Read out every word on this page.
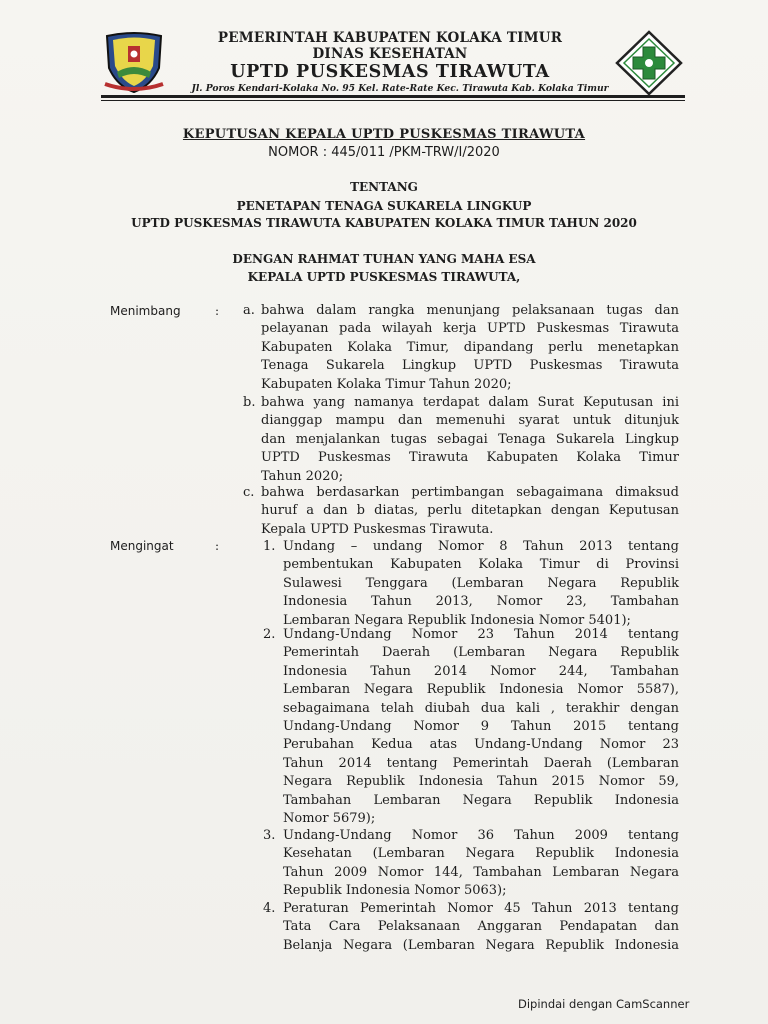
PEMERINTAH KABUPATEN KOLAKA TIMUR
DINAS KESEHATAN
UPTD PUSKESMAS TIRAWUTA
Jl. Poros Kendari-Kolaka No. 95 Kel. Rate-Rate Kec. Tirawuta Kab. Kolaka Timur
KEPUTUSAN KEPALA UPTD PUSKESMAS TIRAWUTA
NOMOR : 445/011 /PKM-TRW/I/2020
TENTANG
PENETAPAN TENAGA SUKARELA LINGKUP
UPTD PUSKESMAS TIRAWUTA KABUPATEN KOLAKA TIMUR TAHUN 2020
DENGAN RAHMAT TUHAN YANG MAHA ESA
KEPALA UPTD PUSKESMAS TIRAWUTA,
Menimbang	: a. bahwa dalam rangka menunjang pelaksanaan tugas dan
pelayanan pada wilayah kerja UPTD Puskesmas Tirawuta
Kabupaten Kolaka Timur, dipandang perlu menetapkan
Tenaga Sukarela Lingkup UPTD Puskesmas Tirawuta
Kabupaten Kolaka Timur Tahun 2020;
b. bahwa yang namanya terdapat dalam Surat Keputusan ini
dianggap mampu dan memenuhi syarat untuk ditunjuk
dan menjalankan tugas sebagai Tenaga Sukarela Lingkup
UPTD Puskesmas Tirawuta Kabupaten Kolaka Timur
Tahun 2020;
c. bahwa berdasarkan pertimbangan sebagaimana dimaksud
huruf a dan b diatas, perlu ditetapkan dengan Keputusan
Kepala UPTD Puskesmas Tirawuta.
Mengingat	:	1. Undang – undang Nomor 8 Tahun 2013 tentang
pembentukan Kabupaten Kolaka Timur di Provinsi
Sulawesi Tenggara (Lembaran Negara Republik
Indonesia Tahun 2013, Nomor 23, Tambahan
Lembaran Negara Republik Indonesia Nomor 5401);
2. Undang-Undang Nomor 23 Tahun 2014 tentang
Pemerintah Daerah (Lembaran Negara Republik
Indonesia Tahun 2014 Nomor 244, Tambahan
Lembaran Negara Republik Indonesia Nomor 5587),
sebagaimana telah diubah dua kali , terakhir dengan
Undang-Undang Nomor 9 Tahun 2015 tentang
Perubahan Kedua atas Undang-Undang Nomor 23
Tahun 2014 tentang Pemerintah Daerah (Lembaran
Negara Republik Indonesia Tahun 2015 Nomor 59,
Tambahan Lembaran Negara Republik Indonesia
Nomor 5679);
3. Undang-Undang Nomor 36 Tahun 2009 tentang
Kesehatan (Lembaran Negara Republik Indonesia
Tahun 2009 Nomor 144, Tambahan Lembaran Negara
Republik Indonesia Nomor 5063);
4. Peraturan Pemerintah Nomor 45 Tahun 2013 tentang
Tata Cara Pelaksanaan Anggaran Pendapatan dan
Belanja Negara (Lembaran Negara Republik Indonesia
Dipindai dengan CamScanner
